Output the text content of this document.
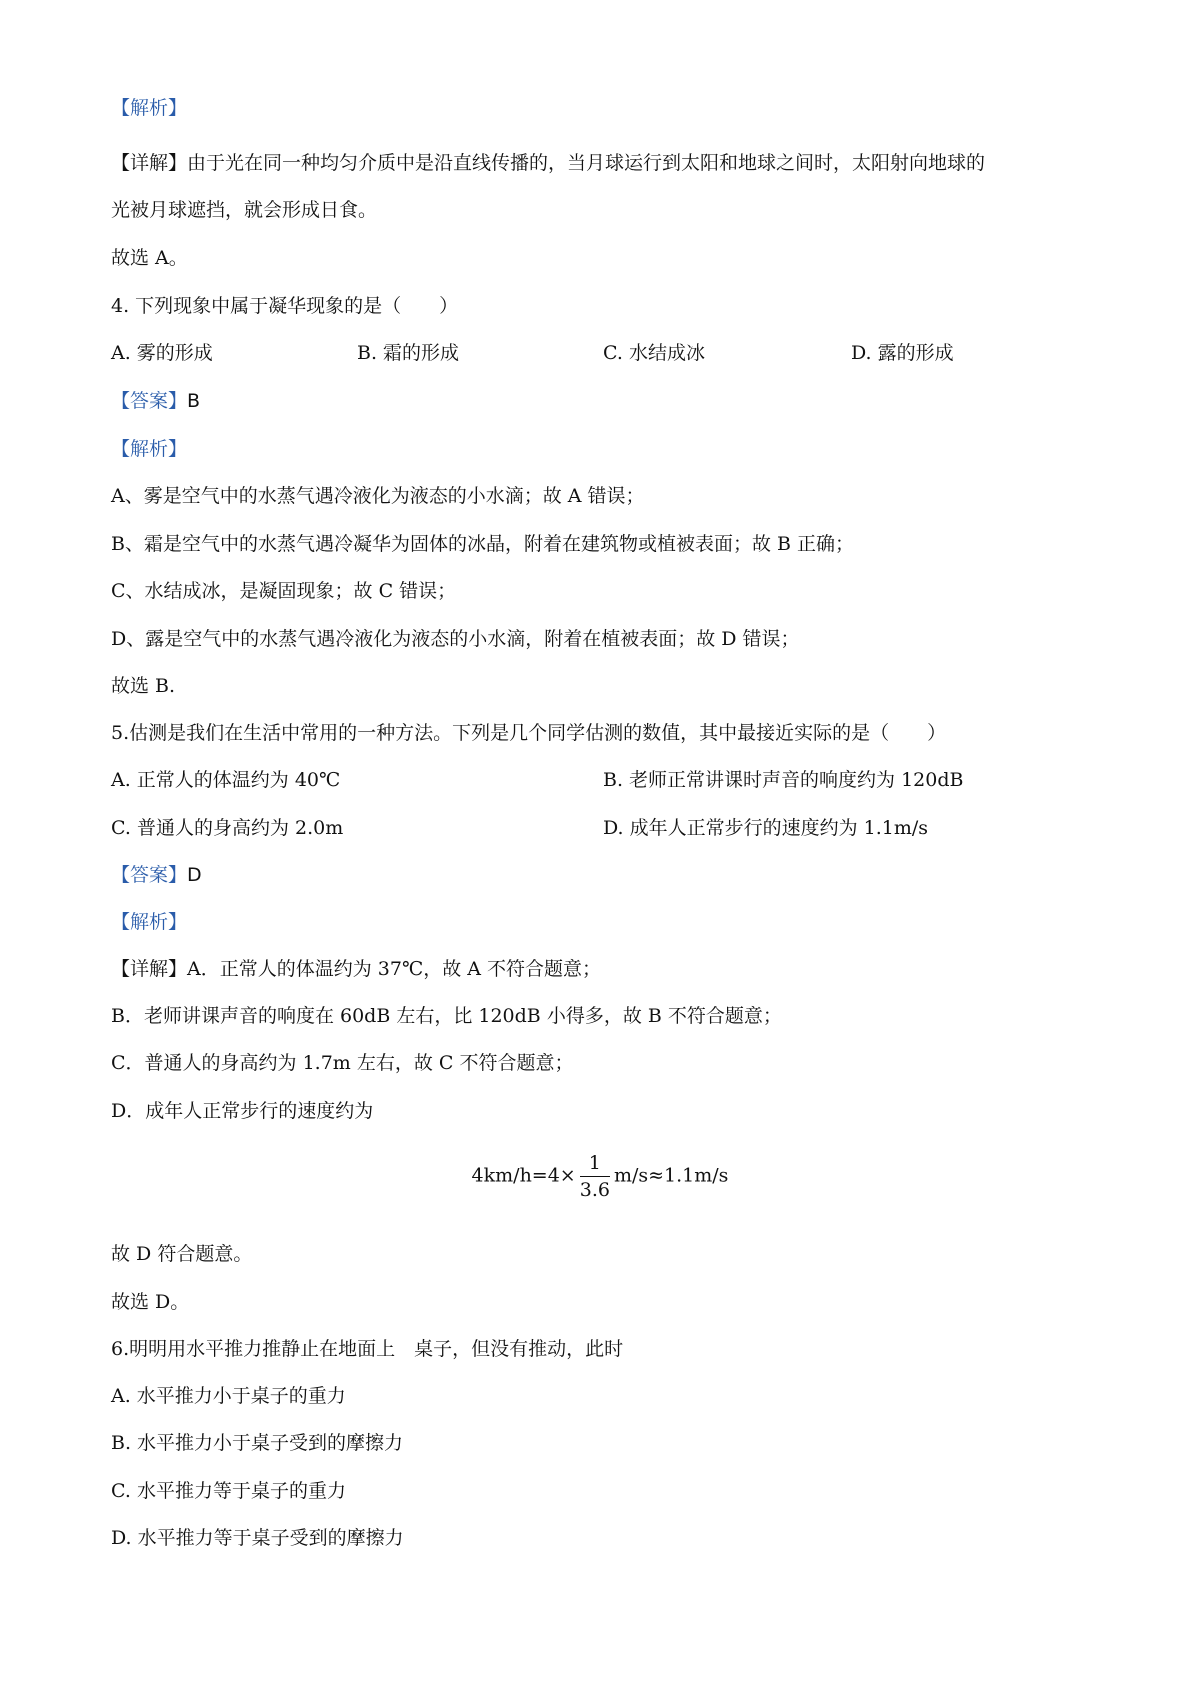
【解析】
【详解】由于光在同一种均匀介质中是沿直线传播的，当月球运行到太阳和地球之间时，太阳射向地球的
光被月球遮挡，就会形成日食。
故选 A。
4. 下列现象中属于凝华现象的是（　　）
A. 雾的形成	B. 霜的形成	C. 水结成冰	D. 露的形成
【答案】B
【解析】
A、雾是空气中的水蒸气遇冷液化为液态的小水滴；故 A 错误；
B、霜是空气中的水蒸气遇冷凝华为固体的冰晶，附着在建筑物或植被表面；故 B 正确；
C、水结成冰，是凝固现象；故 C 错误；
D、露是空气中的水蒸气遇冷液化为液态的小水滴，附着在植被表面；故 D 错误；
故选 B.
5.估测是我们在生活中常用的一种方法。下列是几个同学估测的数值，其中最接近实际的是（　　）
A. 正常人的体温约为 40℃	B. 老师正常讲课时声音的响度约为 120dB
C. 普通人的身高约为 2.0m	D. 成年人正常步行的速度约为 1.1m/s
【答案】D
【解析】
【详解】A．正常人的体温约为 37℃，故 A 不符合题意；
B．老师讲课声音的响度在 60dB 左右，比 120dB 小得多，故 B 不符合题意；
C．普通人的身高约为 1.7m 左右，故 C 不符合题意；
D．成年人正常步行的速度约为
$4km/h=4\times \frac{1}{3.6} m/s\approx 1.1m/s$
故 D 符合题意。
故选 D。
6.明明用水平推力推静止在地面上　桌子，但没有推动，此时
A. 水平推力小于桌子的重力
B. 水平推力小于桌子受到的摩擦力
C. 水平推力等于桌子的重力
D. 水平推力等于桌子受到的摩擦力
